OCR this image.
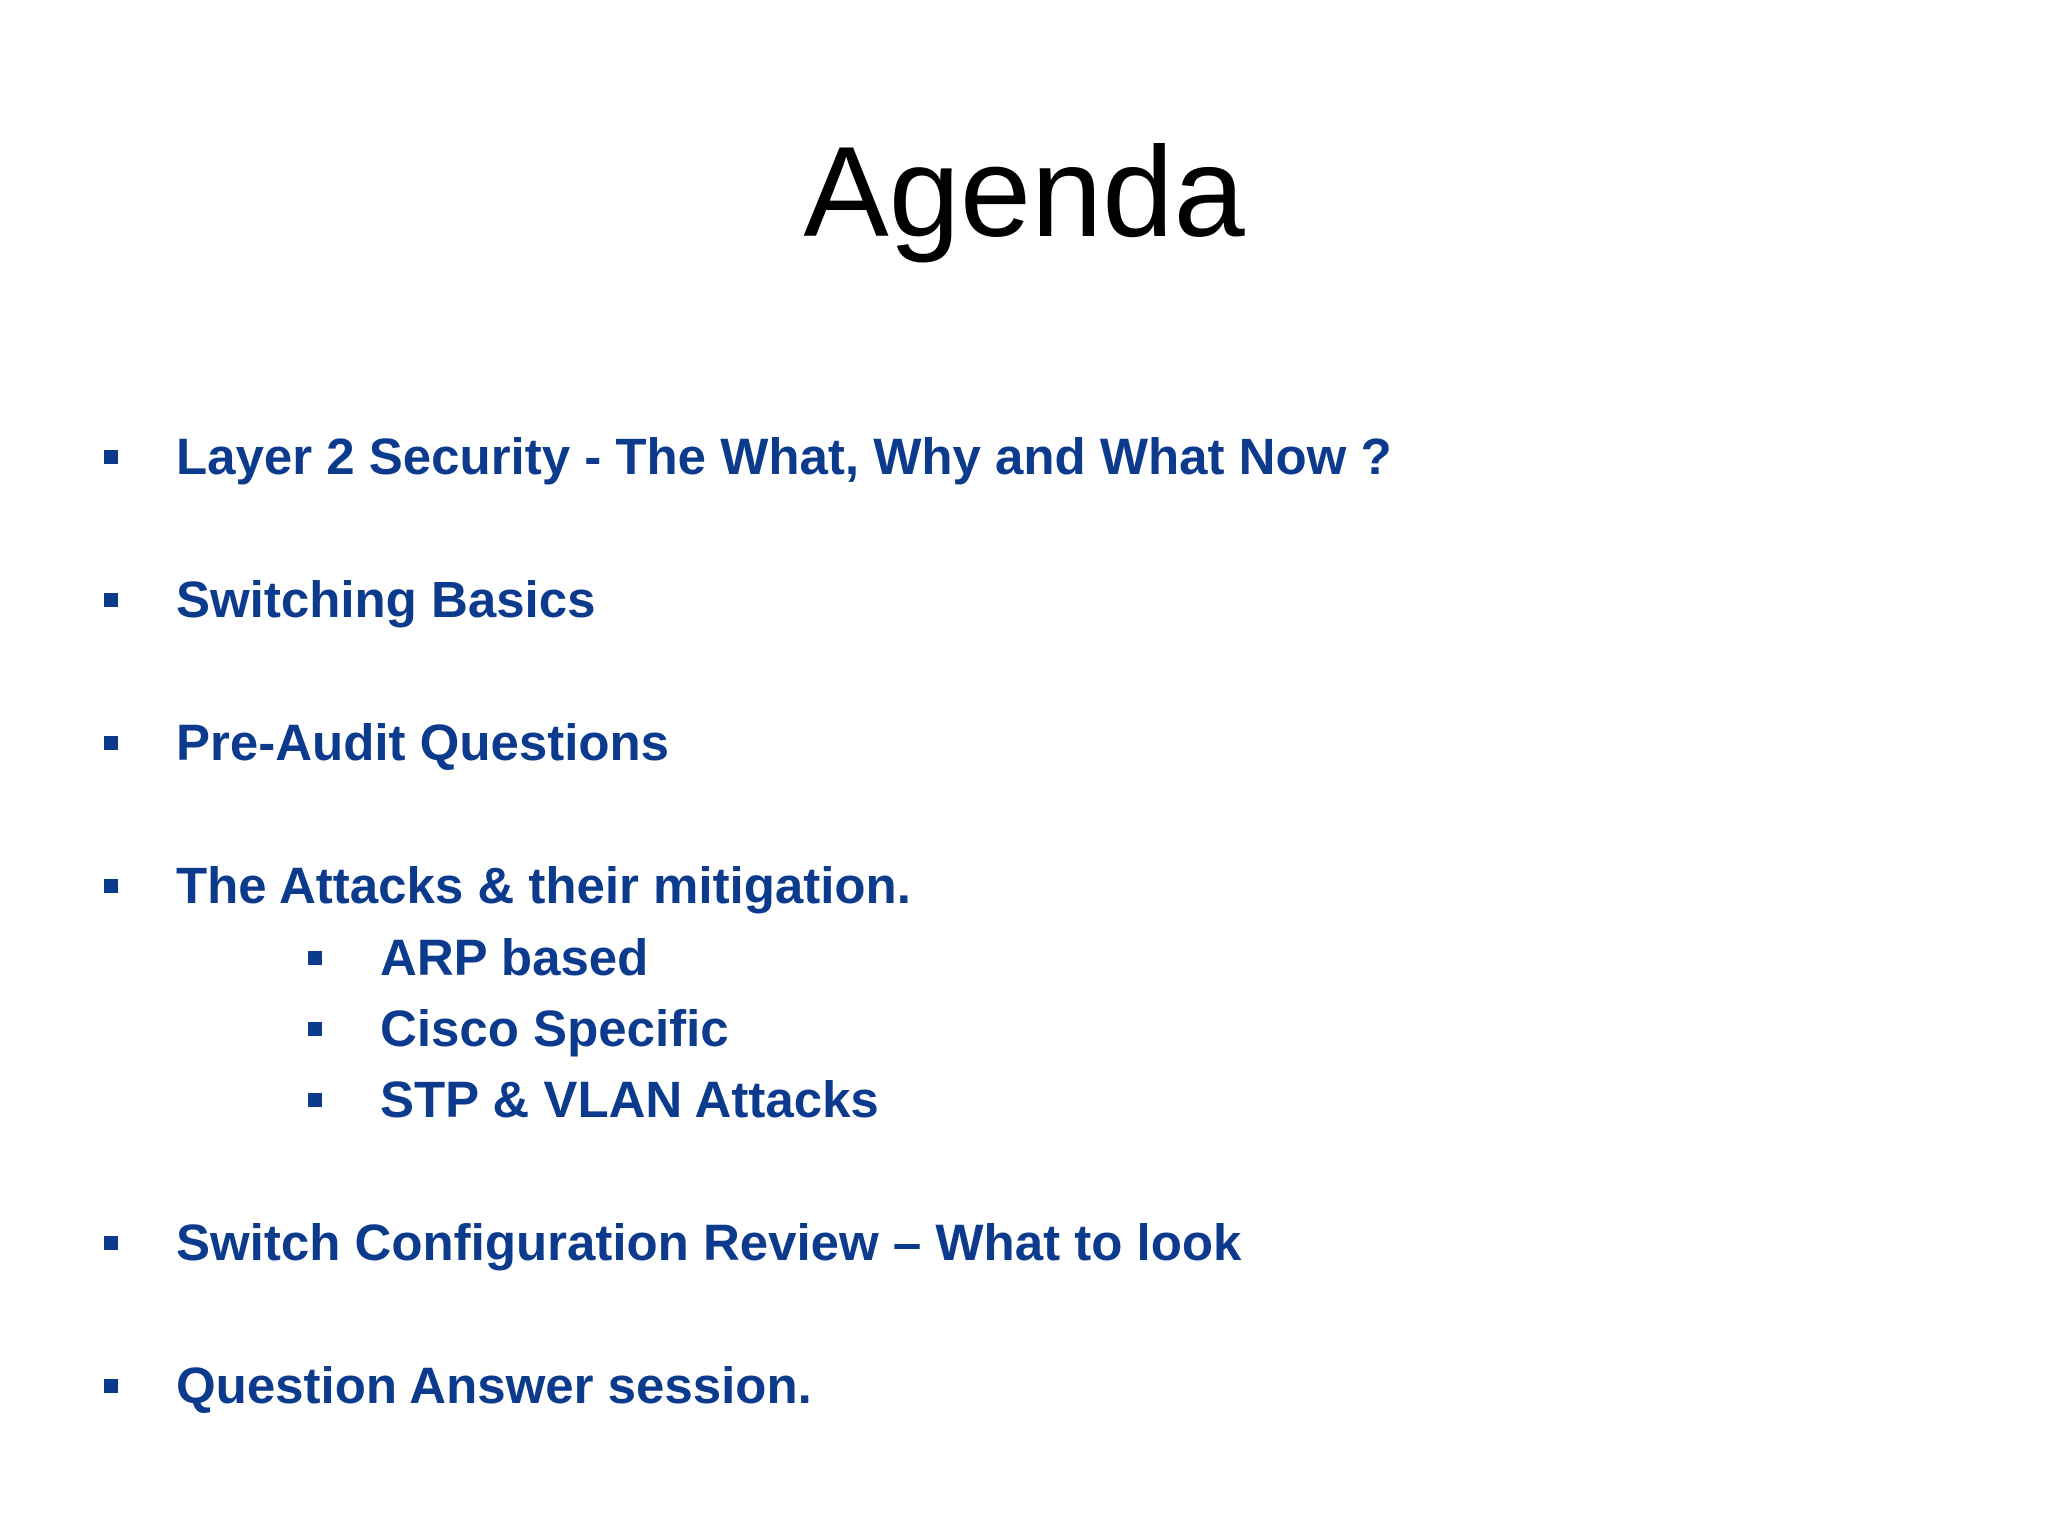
Agenda
Layer 2 Security - The What, Why and What Now ?
Switching Basics
Pre-Audit Questions
The Attacks & their mitigation.
ARP based
Cisco Specific
STP & VLAN Attacks
Switch Configuration Review – What to look
Question Answer session.
